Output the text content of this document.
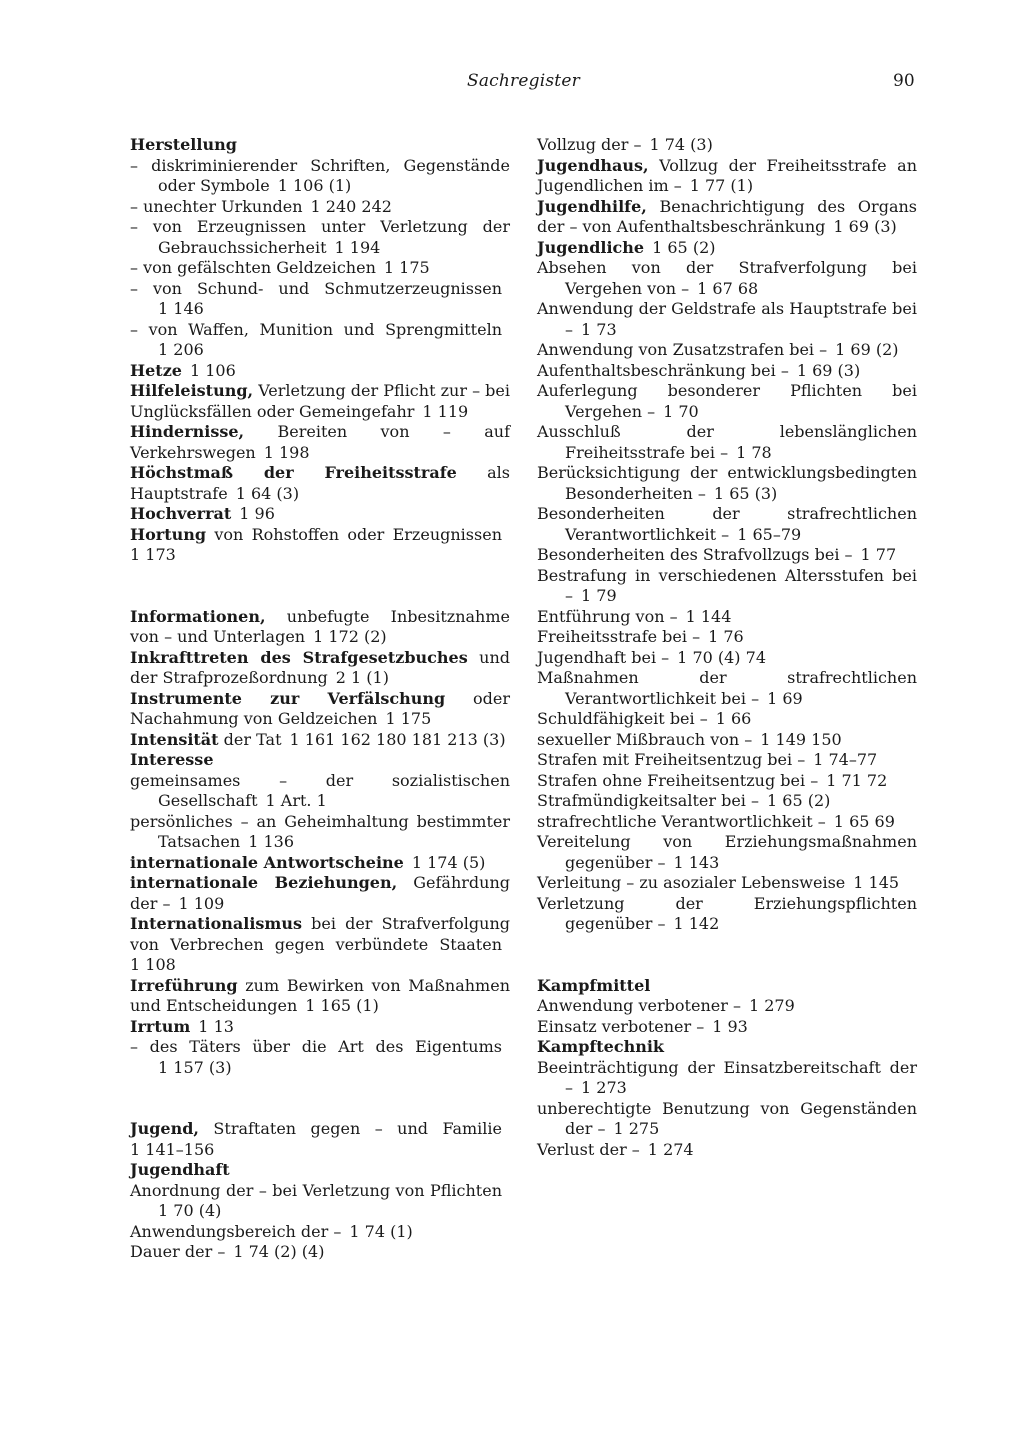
Sachregister	90
Herstellung
– diskriminierender Schriften, Gegenstände oder Symbole  1 106 (1)
– unechter Urkunden  1 240 242
– von Erzeugnissen unter Verletzung der Gebrauchssicherheit  1 194
– von gefälschten Geldzeichen  1 175
– von Schund- und Schmutzerzeugnissen 1 146
– von Waffen, Munition und Sprengmitteln 1 206
Hetze  1 106
Hilfeleistung, Verletzung der Pflicht zur – bei Unglücksfällen oder Gemeingefahr  1 119
Hindernisse, Bereiten von – auf Verkehrswegen  1 198
Höchstmaß der Freiheitsstrafe als Hauptstrafe  1 64 (3)
Hochverrat  1 96
Hortung von Rohstoffen oder Erzeugnissen 1 173
Informationen, unbefugte Inbesitznahme von – und Unterlagen  1 172 (2)
Inkrafttreten des Strafgesetzbuches und der Strafprozeßordnung  2 1 (1)
Instrumente zur Verfälschung oder Nachahmung von Geldzeichen  1 175
Intensität der Tat  1 161 162 180 181 213 (3)
Interesse
gemeinsames – der sozialistischen Gesellschaft  1 Art. 1
persönliches – an Geheimhaltung bestimmter Tatsachen  1 136
internationale Antwortscheine  1 174 (5)
internationale Beziehungen, Gefährdung der –  1 109
Internationalismus bei der Strafverfolgung von Verbrechen gegen verbündete Staaten 1 108
Irreführung zum Bewirken von Maßnahmen und Entscheidungen  1 165 (1)
Irrtum  1 13
– des Täters über die Art des Eigentums 1 157 (3)
Jugend, Straftaten gegen – und Familie 1 141–156
Jugendhaft
Anordnung der – bei Verletzung von Pflichten 1 70 (4)
Anwendungsbereich der –  1 74 (1)
Dauer der –  1 74 (2) (4)
Vollzug der –  1 74 (3)
Jugendhaus, Vollzug der Freiheitsstrafe an Jugendlichen im –  1 77 (1)
Jugendhilfe, Benachrichtigung des Organs der – von Aufenthaltsbeschränkung  1 69 (3)
Jugendliche  1 65 (2)
Absehen von der Strafverfolgung bei Vergehen von –  1 67 68
Anwendung der Geldstrafe als Hauptstrafe bei –  1 73
Anwendung von Zusatzstrafen bei –  1 69 (2)
Aufenthaltsbeschränkung bei –  1 69 (3)
Auferlegung besonderer Pflichten bei Vergehen –  1 70
Ausschluß der lebenslänglichen Freiheitsstrafe bei –  1 78
Berücksichtigung der entwicklungsbedingten Besonderheiten –  1 65 (3)
Besonderheiten der strafrechtlichen Verantwortlichkeit –  1 65–79
Besonderheiten des Strafvollzugs bei –  1 77
Bestrafung in verschiedenen Altersstufen bei –  1 79
Entführung von –  1 144
Freiheitsstrafe bei –  1 76
Jugendhaft bei –  1 70 (4) 74
Maßnahmen der strafrechtlichen Verantwortlichkeit bei –  1 69
Schuldfähigkeit bei –  1 66
sexueller Mißbrauch von –  1 149 150
Strafen mit Freiheitsentzug bei –  1 74–77
Strafen ohne Freiheitsentzug bei –  1 71 72
Strafmündigkeitsalter bei –  1 65 (2)
strafrechtliche Verantwortlichkeit –  1 65 69
Vereitelung von Erziehungsmaßnahmen gegenüber –  1 143
Verleitung – zu asozialer Lebensweise  1 145
Verletzung der Erziehungspflichten gegenüber –  1 142
Kampfmittel
Anwendung verbotener –  1 279
Einsatz verbotener –  1 93
Kampftechnik
Beeinträchtigung der Einsatzbereitschaft der –  1 273
unberechtigte Benutzung von Gegenständen der –  1 275
Verlust der –  1 274
